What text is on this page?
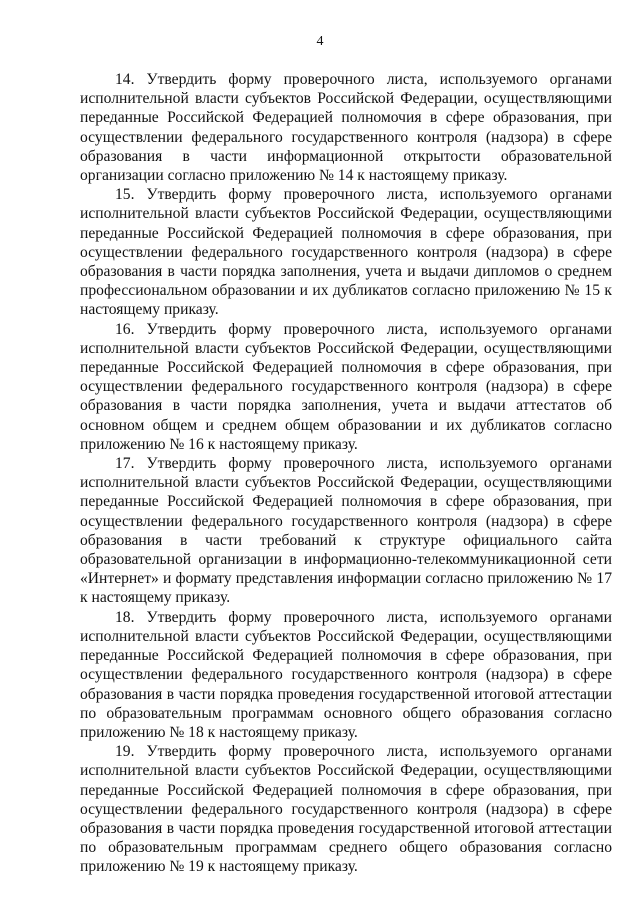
4

14. Утвердить форму проверочного листа, используемого органами исполнительной власти субъектов Российской Федерации, осуществляющими переданные Российской Федерацией полномочия в сфере образования, при осуществлении федерального государственного контроля (надзора) в сфере образования в части информационной открытости образовательной организации согласно приложению № 14 к настоящему приказу.

15. Утвердить форму проверочного листа, используемого органами исполнительной власти субъектов Российской Федерации, осуществляющими переданные Российской Федерацией полномочия в сфере образования, при осуществлении федерального государственного контроля (надзора) в сфере образования в части порядка заполнения, учета и выдачи дипломов о среднем профессиональном образовании и их дубликатов согласно приложению № 15 к настоящему приказу.

16. Утвердить форму проверочного листа, используемого органами исполнительной власти субъектов Российской Федерации, осуществляющими переданные Российской Федерацией полномочия в сфере образования, при осуществлении федерального государственного контроля (надзора) в сфере образования в части порядка заполнения, учета и выдачи аттестатов об основном общем и среднем общем образовании и их дубликатов согласно приложению № 16 к настоящему приказу.

17. Утвердить форму проверочного листа, используемого органами исполнительной власти субъектов Российской Федерации, осуществляющими переданные Российской Федерацией полномочия в сфере образования, при осуществлении федерального государственного контроля (надзора) в сфере образования в части требований к структуре официального сайта образовательной организации в информационно-телекоммуникационной сети «Интернет» и формату представления информации согласно приложению № 17 к настоящему приказу.

18. Утвердить форму проверочного листа, используемого органами исполнительной власти субъектов Российской Федерации, осуществляющими переданные Российской Федерацией полномочия в сфере образования, при осуществлении федерального государственного контроля (надзора) в сфере образования в части порядка проведения государственной итоговой аттестации по образовательным программам основного общего образования согласно приложению № 18 к настоящему приказу.

19. Утвердить форму проверочного листа, используемого органами исполнительной власти субъектов Российской Федерации, осуществляющими переданные Российской Федерацией полномочия в сфере образования, при осуществлении федерального государственного контроля (надзора) в сфере образования в части порядка проведения государственной итоговой аттестации по образовательным программам среднего общего образования согласно приложению № 19 к настоящему приказу.
